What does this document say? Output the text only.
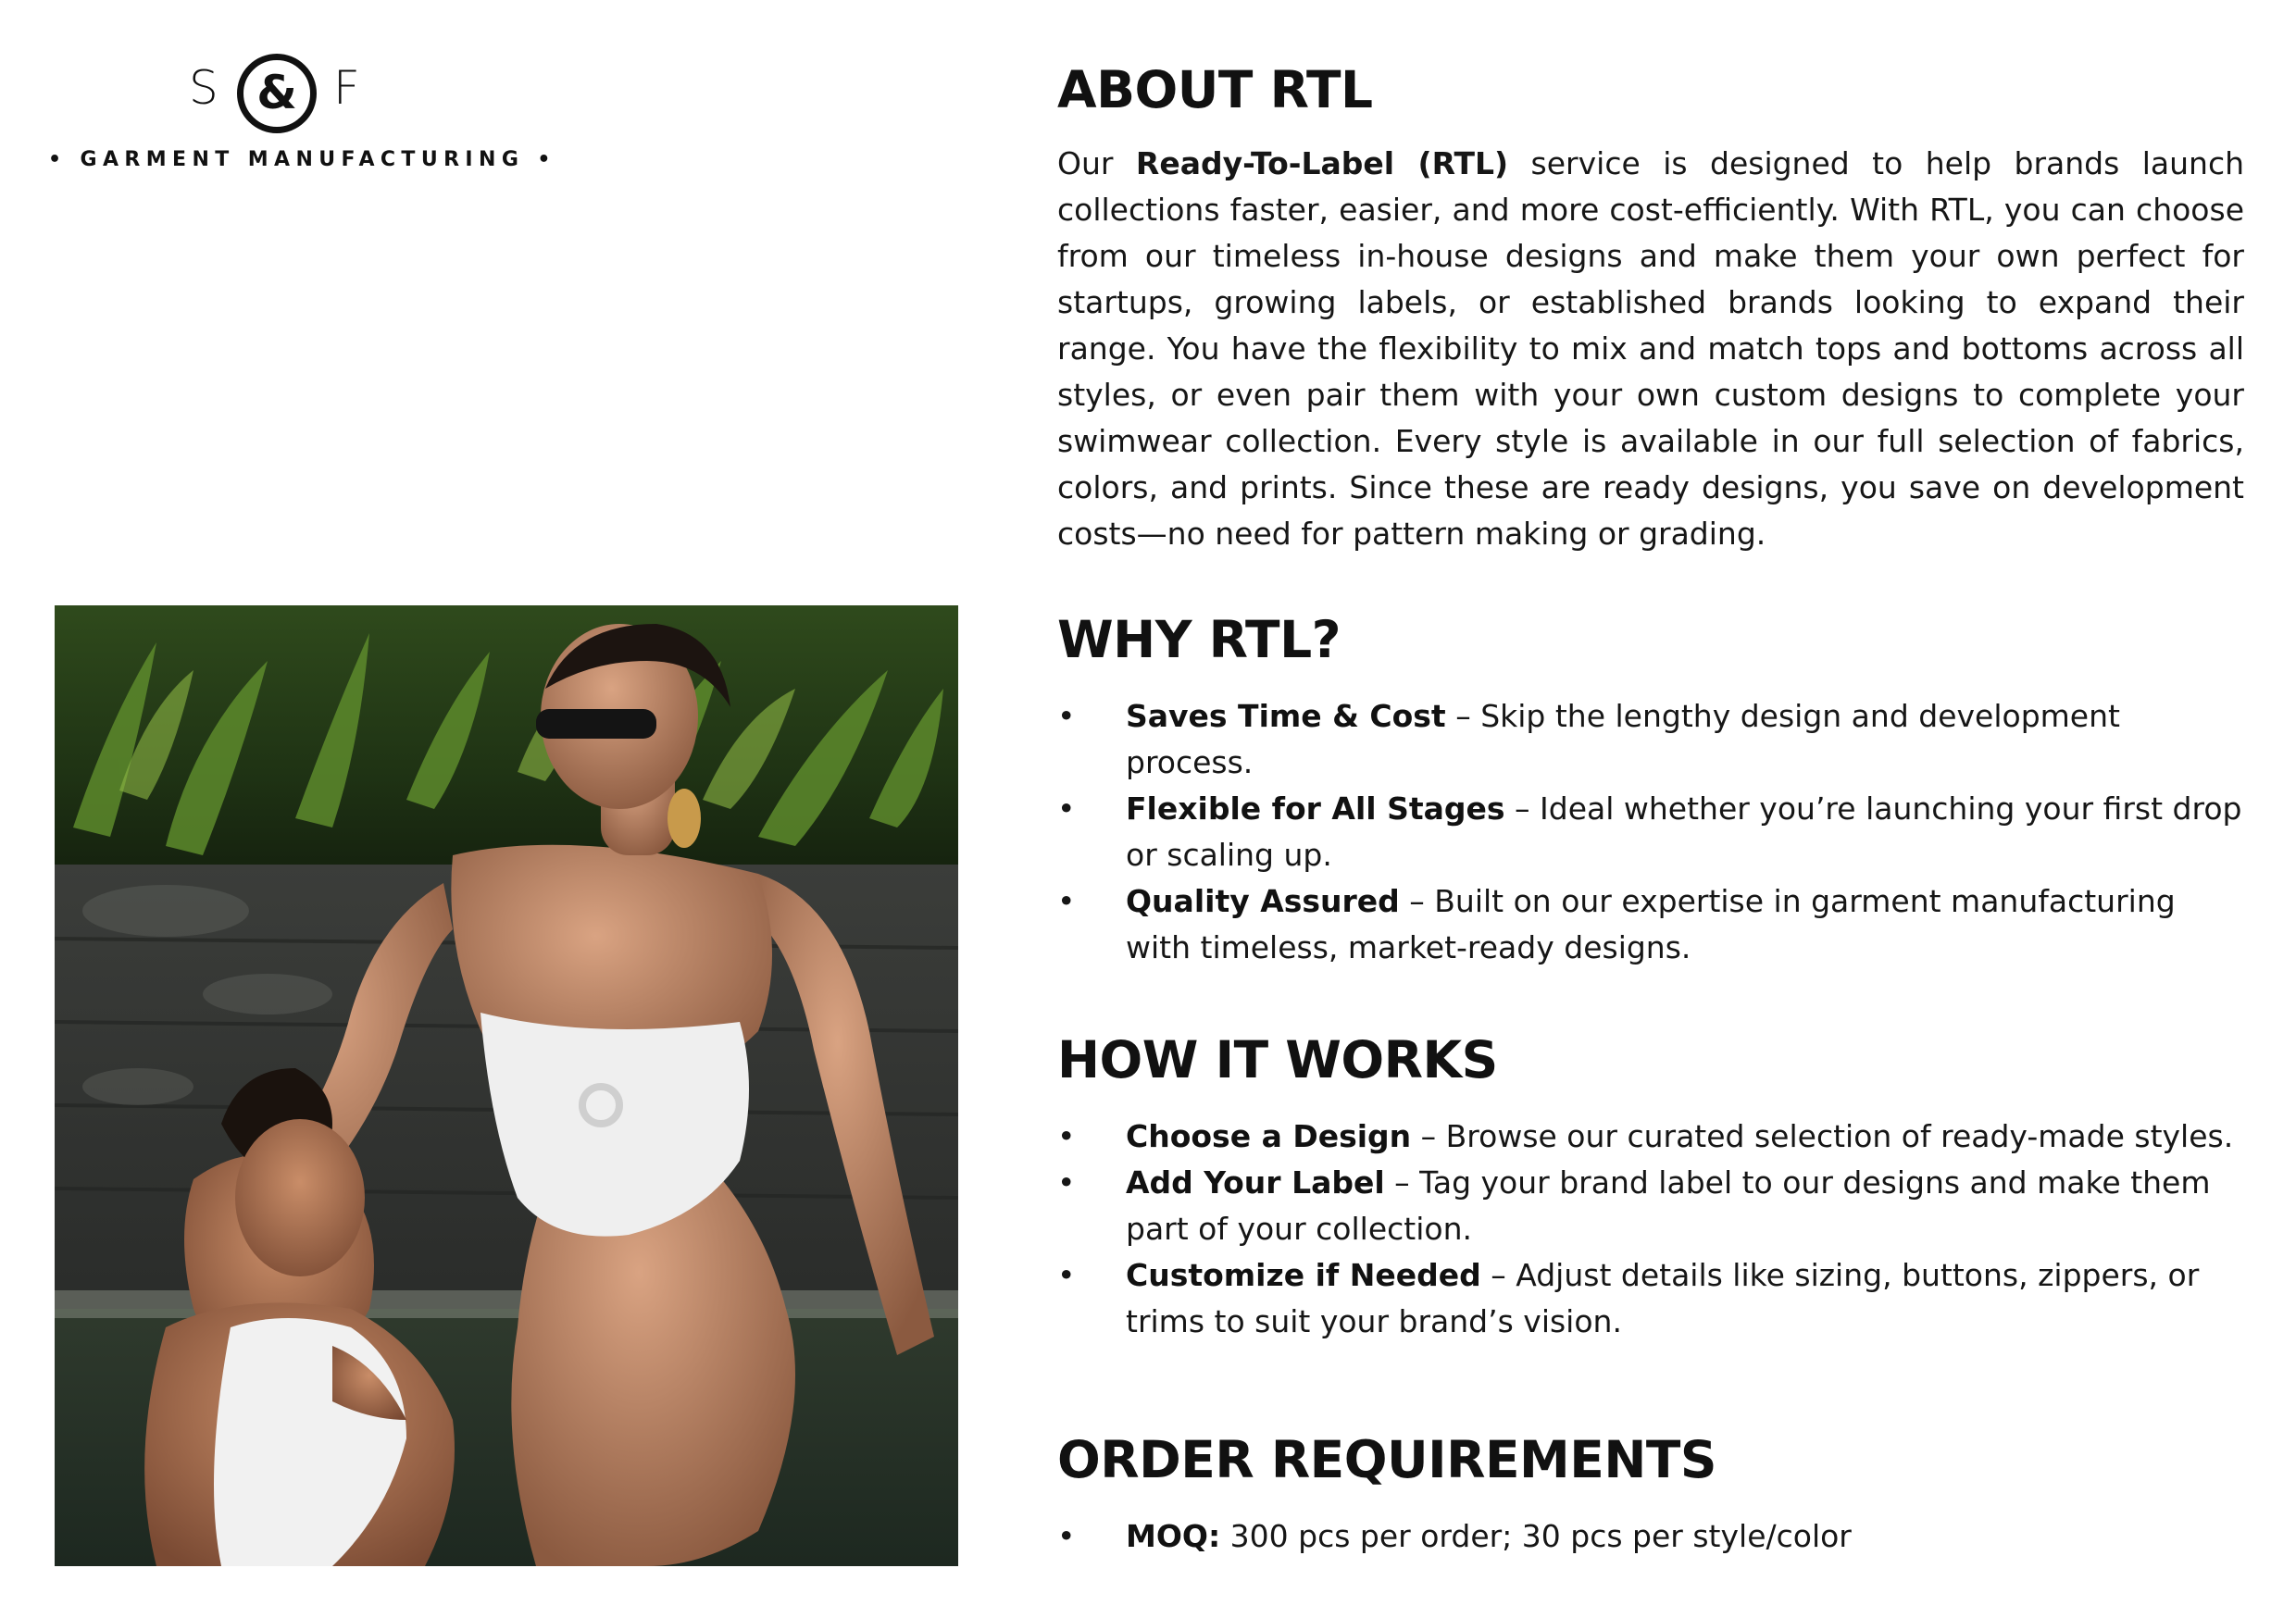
S & F
• GARMENT MANUFACTURING •
ABOUT RTL

Our Ready-To-Label (RTL) service is designed to help brands launch collections faster, easier, and more cost-efficiently. With RTL, you can choose from our timeless in-house designs and make them your own perfect for startups, growing labels, or established brands looking to expand their range. You have the flexibility to mix and match tops and bottoms across all styles, or even pair them with your own custom designs to complete your swimwear collection. Every style is available in our full selection of fabrics, colors, and prints. Since these are ready designs, you save on development costs—no need for pattern making or grading.

WHY RTL?
• Saves Time & Cost – Skip the lengthy design and development process.
• Flexible for All Stages – Ideal whether you’re launching your first drop or scaling up.
• Quality Assured – Built on our expertise in garment manufacturing with timeless, market-ready designs.
HOW IT WORKS
• Choose a Design – Browse our curated selection of ready-made styles.
• Add Your Label – Tag your brand label to our designs and make them part of your collection.
• Customize if Needed – Adjust details like sizing, buttons, zippers, or trims to suit your brand’s vision.
ORDER REQUIREMENTS
• MOQ: 300 pcs per order; 30 pcs per style/color
